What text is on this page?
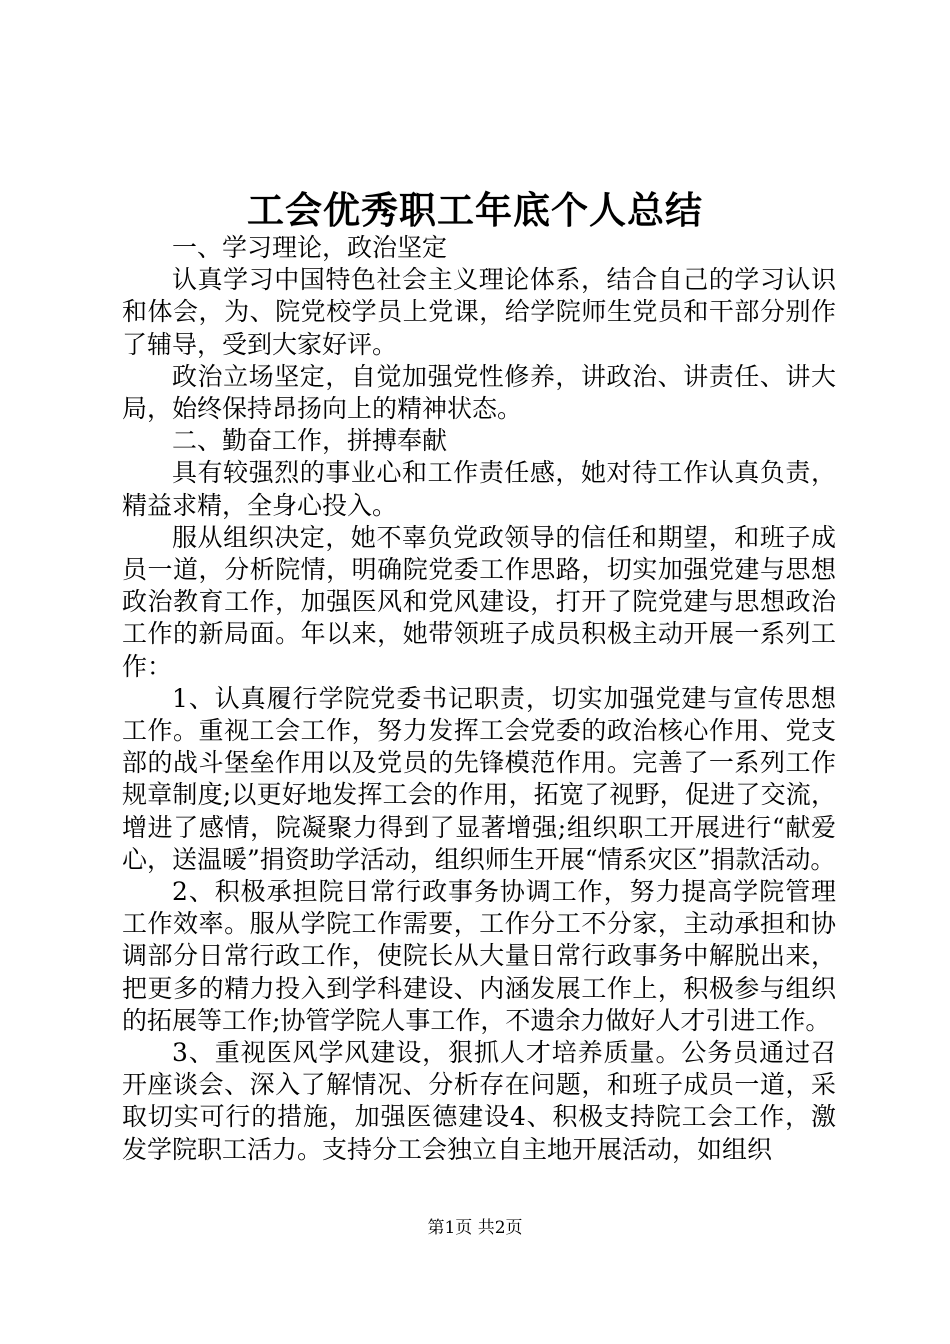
工会优秀职工年底个人总结

一、学习理论，政治坚定

认真学习中国特色社会主义理论体系，结合自己的学习认识和体会，为、院党校学员上党课，给学院师生党员和干部分别作了辅导，受到大家好评。

政治立场坚定，自觉加强党性修养，讲政治、讲责任、讲大局，始终保持昂扬向上的精神状态。

二、勤奋工作，拼搏奉献

具有较强烈的事业心和工作责任感，她对待工作认真负责，精益求精，全身心投入。

服从组织决定，她不辜负党政领导的信任和期望，和班子成员一道，分析院情，明确院党委工作思路，切实加强党建与思想政治教育工作，加强医风和党风建设，打开了院党建与思想政治工作的新局面。年以来，她带领班子成员积极主动开展一系列工作：

1、认真履行学院党委书记职责，切实加强党建与宣传思想工作。重视工会工作，努力发挥工会党委的政治核心作用、党支部的战斗堡垒作用以及党员的先锋模范作用。完善了一系列工作规章制度;以更好地发挥工会的作用，拓宽了视野，促进了交流，增进了感情，院凝聚力得到了显著增强;组织职工开展进行“献爱心，送温暖”捐资助学活动，组织师生开展“情系灾区”捐款活动。

2、积极承担院日常行政事务协调工作，努力提高学院管理工作效率。服从学院工作需要，工作分工不分家，主动承担和协调部分日常行政工作，使院长从大量日常行政事务中解脱出来，把更多的精力投入到学科建设、内涵发展工作上，积极参与组织的拓展等工作;协管学院人事工作，不遗余力做好人才引进工作。

3、重视医风学风建设，狠抓人才培养质量。公务员通过召开座谈会、深入了解情况、分析存在问题，和班子成员一道，采取切实可行的措施，加强医德建设4、积极支持院工会工作，激发学院职工活力。支持分工会独立自主地开展活动，如组织

第1页 共2页
